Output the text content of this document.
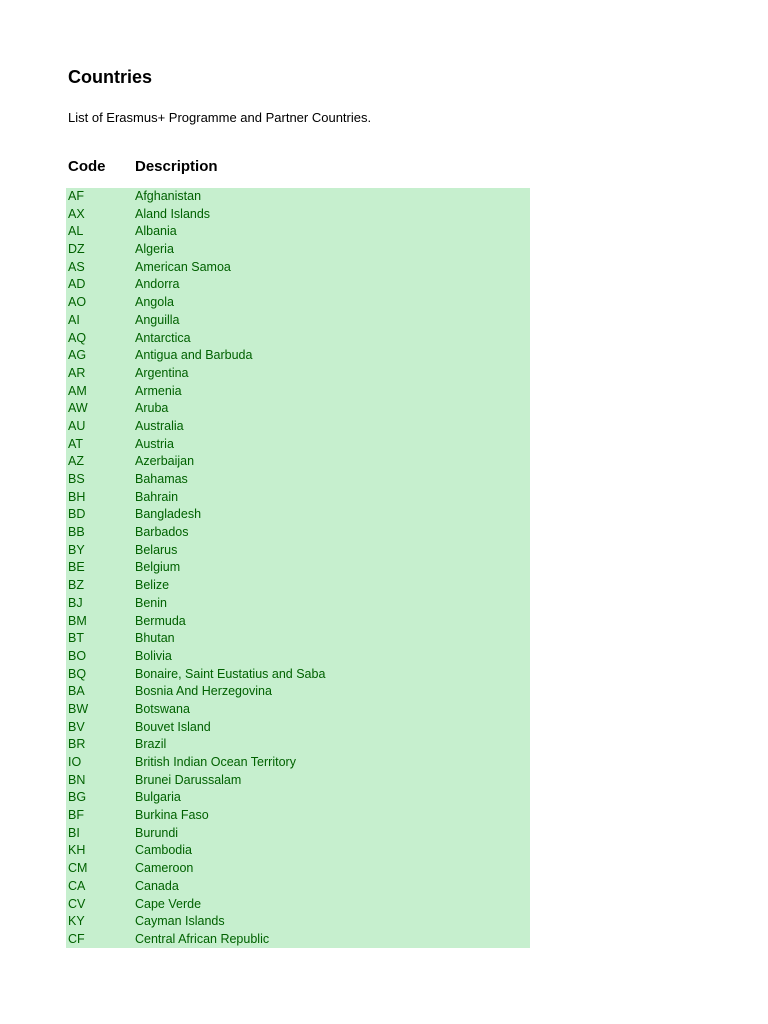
Countries

List of Erasmus+ Programme and Partner Countries.

Code Description
AF	Afghanistan
AX	Aland Islands
AL	Albania
DZ	Algeria
AS	American Samoa
AD	Andorra
AO	Angola
AI	Anguilla
AQ	Antarctica
AG	Antigua and Barbuda
AR	Argentina
AM	Armenia
AW	Aruba
AU	Australia
AT	Austria
AZ	Azerbaijan
BS	Bahamas
BH	Bahrain
BD	Bangladesh
BB	Barbados
BY	Belarus
BE	Belgium
BZ	Belize
BJ	Benin
BM	Bermuda
BT	Bhutan
BO	Bolivia
BQ	Bonaire, Saint Eustatius and Saba
BA	Bosnia And Herzegovina
BW	Botswana
BV	Bouvet Island
BR	Brazil
IO	British Indian Ocean Territory
BN	Brunei Darussalam
BG	Bulgaria
BF	Burkina Faso
BI	Burundi
KH	Cambodia
CM	Cameroon
CA	Canada
CV	Cape Verde
KY	Cayman Islands
CF	Central African Republic
